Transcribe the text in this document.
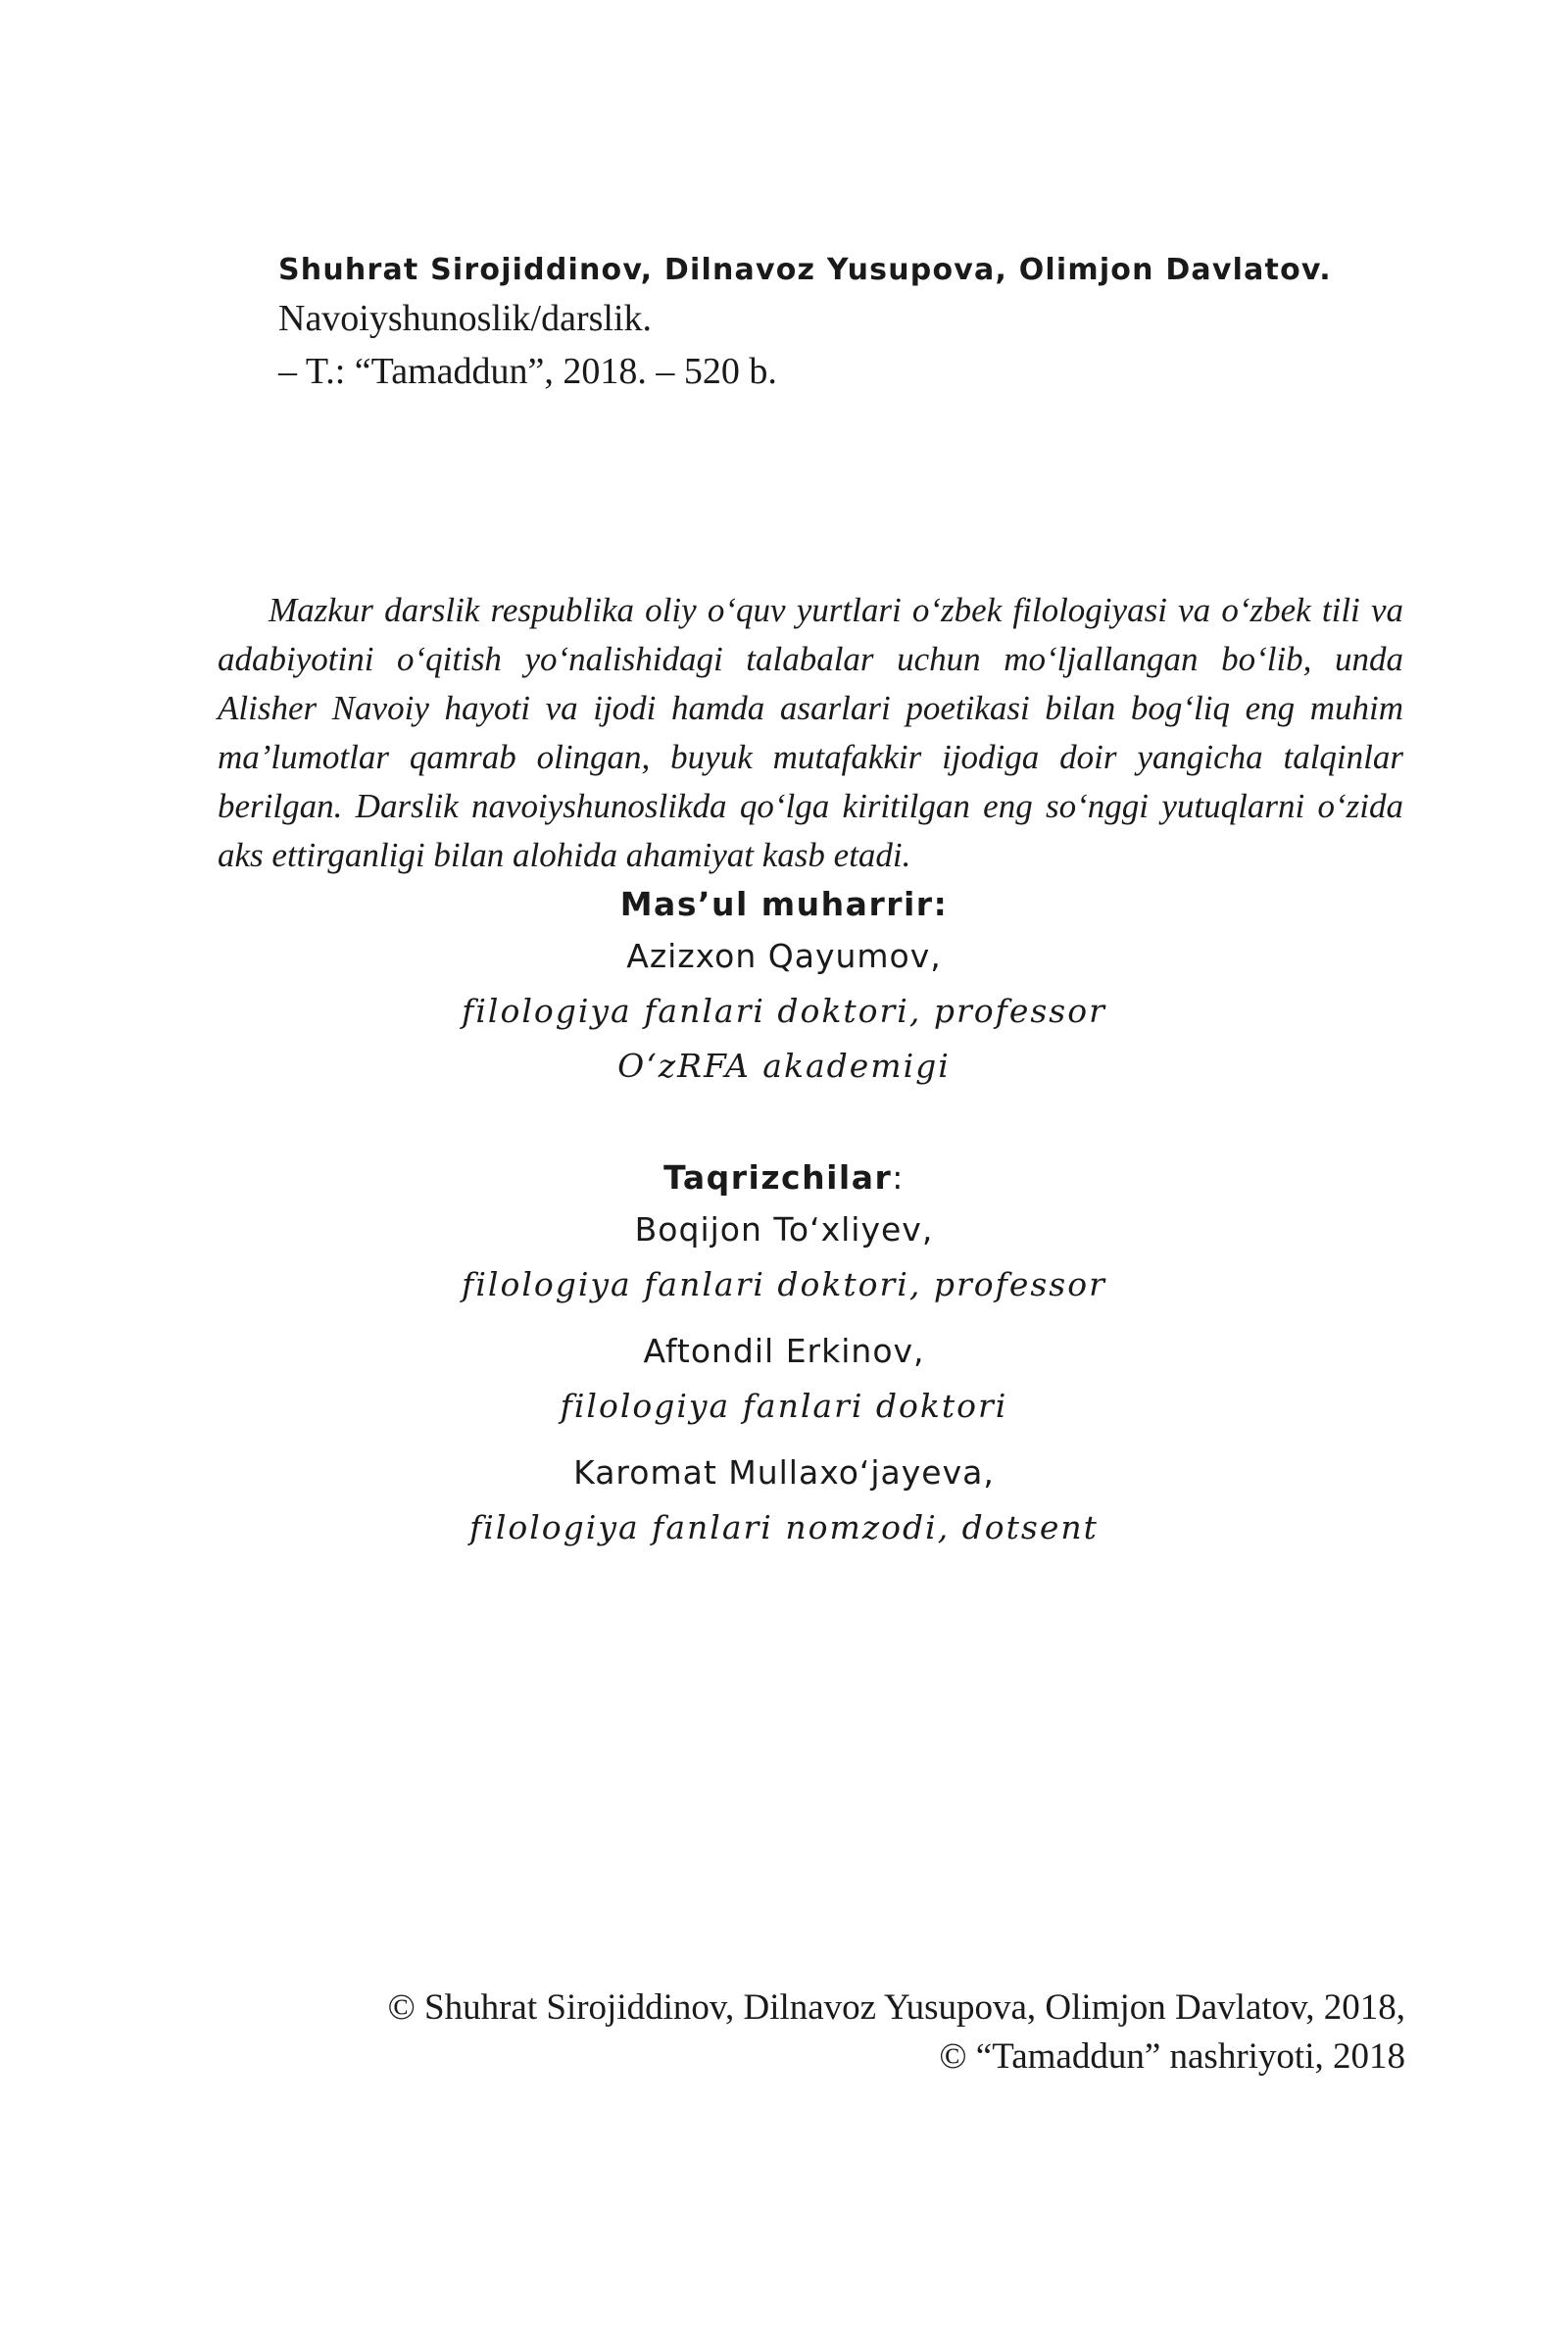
Shuhrat Sirojiddinov, Dilnavoz Yusupova, Olimjon Davlatov.
Navoiyshunoslik/darslik.
– T.: “Tamaddun”, 2018. – 520 b.

Mazkur darslik respublika oliy o‘quv yurtlari o‘zbek filologiyasi va o‘zbek tili va adabiyotini o‘qitish yo‘nalishidagi talabalar uchun mo‘ljallangan bo‘lib, unda Alisher Navoiy hayoti va ijodi hamda asarlari poetikasi bilan bog‘liq eng muhim ma’lumotlar qamrab olingan, buyuk mutafakkir ijodiga doir yangicha talqinlar berilgan. Darslik navoiyshunoslikda qo‘lga kiritilgan eng so‘nggi yutuqlarni o‘zida aks ettirganligi bilan alohida ahamiyat kasb etadi.

Mas’ul muharrir:
Azizxon Qayumov,
filologiya fanlari doktori, professor
O‘zRFA akademigi
Taqrizchilar:
Boqijon To‘xliyev,
filologiya fanlari doktori, professor
Aftondil Erkinov,
filologiya fanlari doktori
Karomat Mullaxo‘jayeva,
filologiya fanlari nomzodi, dotsent
© Shuhrat Sirojiddinov, Dilnavoz Yusupova, Olimjon Davlatov, 2018,
© “Tamaddun” nashriyoti, 2018
